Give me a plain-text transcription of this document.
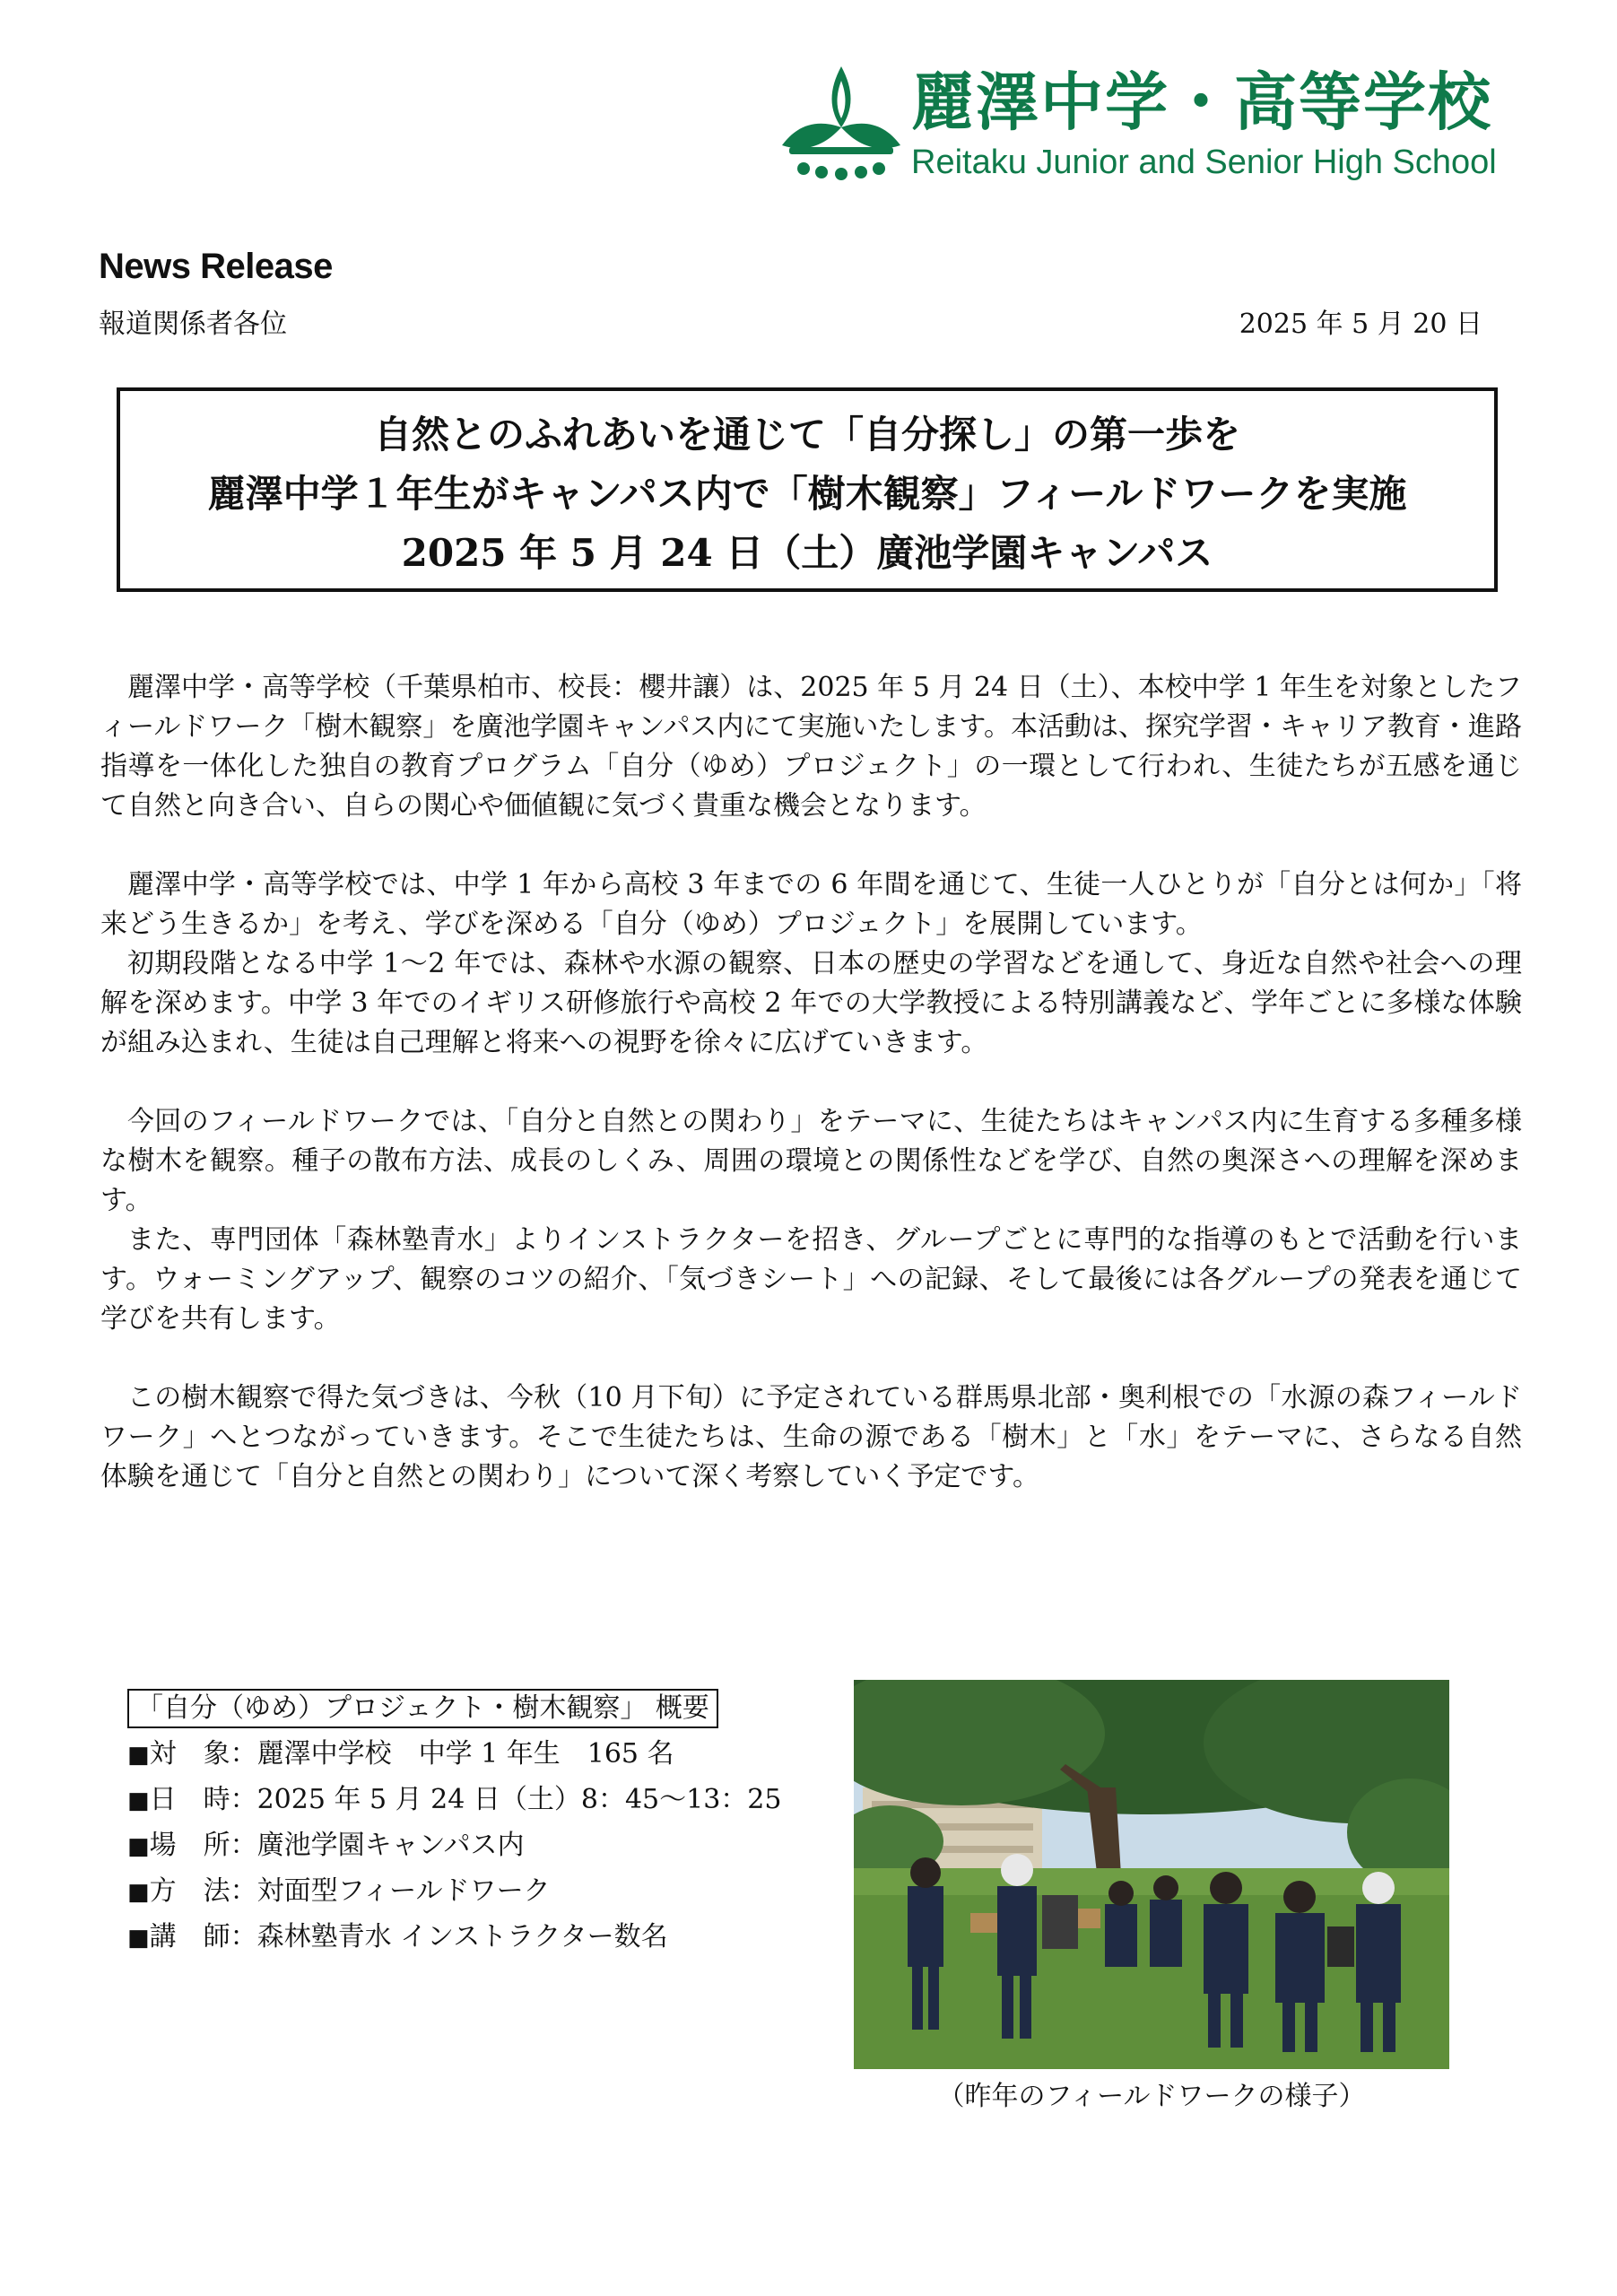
麗澤中学・高等学校
Reitaku Junior and Senior High School
News Release
報道関係者各位	2025 年 5 月 20 日
自然とのふれあいを通じて「自分探し」の第一歩を
麗澤中学１年生がキャンパス内で「樹木観察」フィールドワークを実施
2025 年 5 月 24 日（土）廣池学園キャンパス

麗澤中学・高等学校（千葉県柏市、校長：櫻井讓）は、2025 年 5 月 24 日（土）、本校中学 1 年生を対象としたフィールドワーク「樹木観察」を廣池学園キャンパス内にて実施いたします。本活動は、探究学習・キャリア教育・進路指導を一体化した独自の教育プログラム「自分（ゆめ）プロジェクト」の一環として行われ、生徒たちが五感を通じて自然と向き合い、自らの関心や価値観に気づく貴重な機会となります。

麗澤中学・高等学校では、中学 1 年から高校 3 年までの 6 年間を通じて、生徒一人ひとりが「自分とは何か」「将来どう生きるか」を考え、学びを深める「自分（ゆめ）プロジェクト」を展開しています。

初期段階となる中学 1～2 年では、森林や水源の観察、日本の歴史の学習などを通して、身近な自然や社会への理解を深めます。中学 3 年でのイギリス研修旅行や高校 2 年での大学教授による特別講義など、学年ごとに多様な体験が組み込まれ、生徒は自己理解と将来への視野を徐々に広げていきます。

今回のフィールドワークでは、「自分と自然との関わり」をテーマに、生徒たちはキャンパス内に生育する多種多様な樹木を観察。種子の散布方法、成長のしくみ、周囲の環境との関係性などを学び、自然の奥深さへの理解を深めます。

また、専門団体「森林塾青水」よりインストラクターを招き、グループごとに専門的な指導のもとで活動を行います。ウォーミングアップ、観察のコツの紹介、「気づきシート」への記録、そして最後には各グループの発表を通じて学びを共有します。

この樹木観察で得た気づきは、今秋（10 月下旬）に予定されている群馬県北部・奥利根での「水源の森フィールドワーク」へとつながっていきます。そこで生徒たちは、生命の源である「樹木」と「水」をテーマに、さらなる自然体験を通じて「自分と自然との関わり」について深く考察していく予定です。

「自分（ゆめ）プロジェクト・樹木観察」 概要
■対　象：麗澤中学校　中学 1 年生　165 名
■日　時：2025 年 5 月 24 日（土）8：45～13：25
■場　所：廣池学園キャンパス内
■方　法：対面型フィールドワーク
■講　師：森林塾青水 インストラクター数名
（昨年のフィールドワークの様子）
